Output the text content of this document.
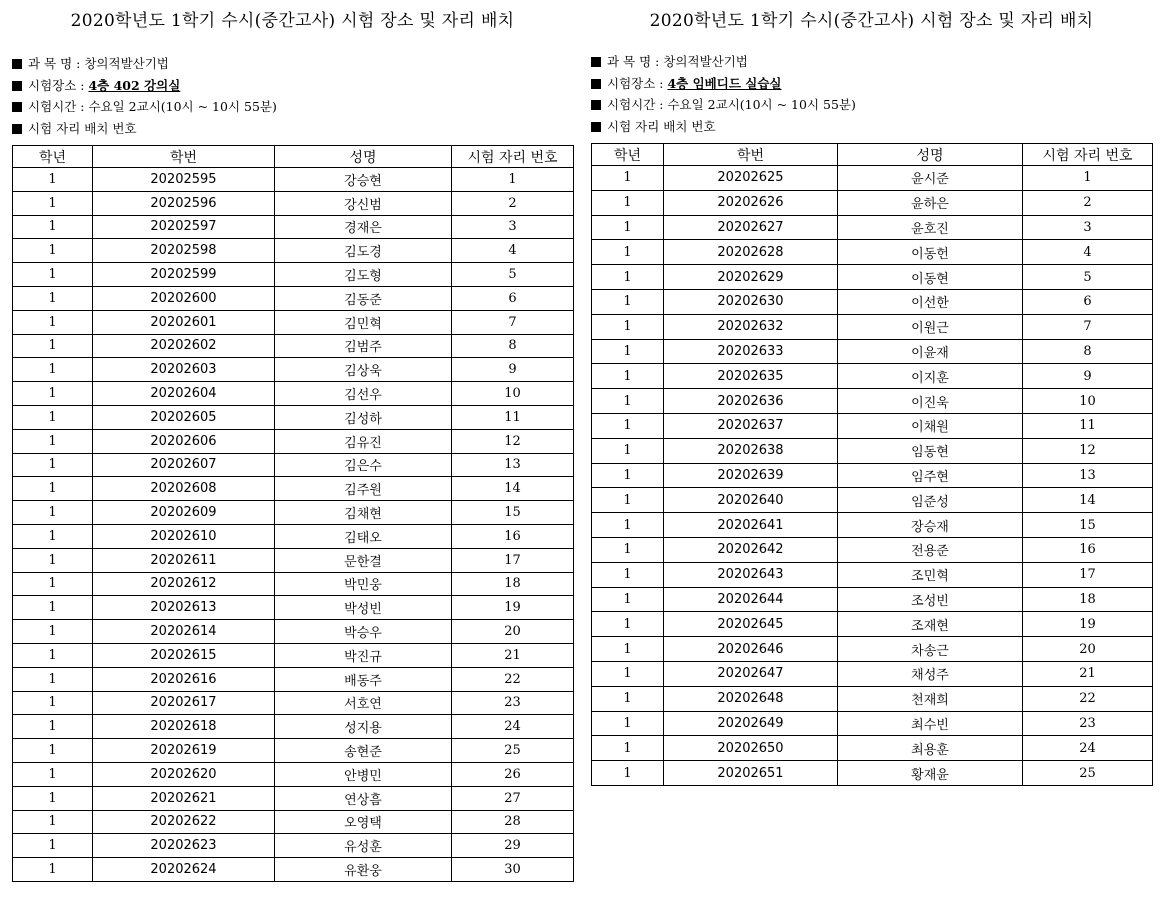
2020학년도 1학기 수시(중간고사) 시험 장소 및 자리 배치
과 목 명 : 창의적발산기법
시험장소 : 4층 402 강의실
시험시간 : 수요일 2교시(10시 ~ 10시 55분)
시험 자리 배치 번호
학년	학번	성명	시험 자리 번호
1	20202595	강승현	1
1	20202596	강신범	2
1	20202597	경재은	3
1	20202598	김도경	4
1	20202599	김도형	5
1	20202600	김동준	6
1	20202601	김민혁	7
1	20202602	김범주	8
1	20202603	김상욱	9
1	20202604	김선우	10
1	20202605	김성하	11
1	20202606	김유진	12
1	20202607	김은수	13
1	20202608	김주원	14
1	20202609	김채현	15
1	20202610	김태오	16
1	20202611	문한결	17
1	20202612	박민웅	18
1	20202613	박성빈	19
1	20202614	박승우	20
1	20202615	박진규	21
1	20202616	배동주	22
1	20202617	서호연	23
1	20202618	성지용	24
1	20202619	송현준	25
1	20202620	안병민	26
1	20202621	연상흠	27
1	20202622	오영택	28
1	20202623	유성훈	29
1	20202624	유환웅	30
2020학년도 1학기 수시(중간고사) 시험 장소 및 자리 배치
과 목 명 : 창의적발산기법
시험장소 : 4층 임베디드 실습실
시험시간 : 수요일 2교시(10시 ~ 10시 55분)
시험 자리 배치 번호
학년	학번	성명	시험 자리 번호
1	20202625	윤시준	1
1	20202626	윤하은	2
1	20202627	윤호진	3
1	20202628	이동헌	4
1	20202629	이동현	5
1	20202630	이선한	6
1	20202632	이원근	7
1	20202633	이윤재	8
1	20202635	이지훈	9
1	20202636	이진욱	10
1	20202637	이채원	11
1	20202638	임동현	12
1	20202639	임주현	13
1	20202640	임준성	14
1	20202641	장승재	15
1	20202642	전용준	16
1	20202643	조민혁	17
1	20202644	조성빈	18
1	20202645	조재현	19
1	20202646	차송근	20
1	20202647	채성주	21
1	20202648	천재희	22
1	20202649	최수빈	23
1	20202650	최용훈	24
1	20202651	황재윤	25
